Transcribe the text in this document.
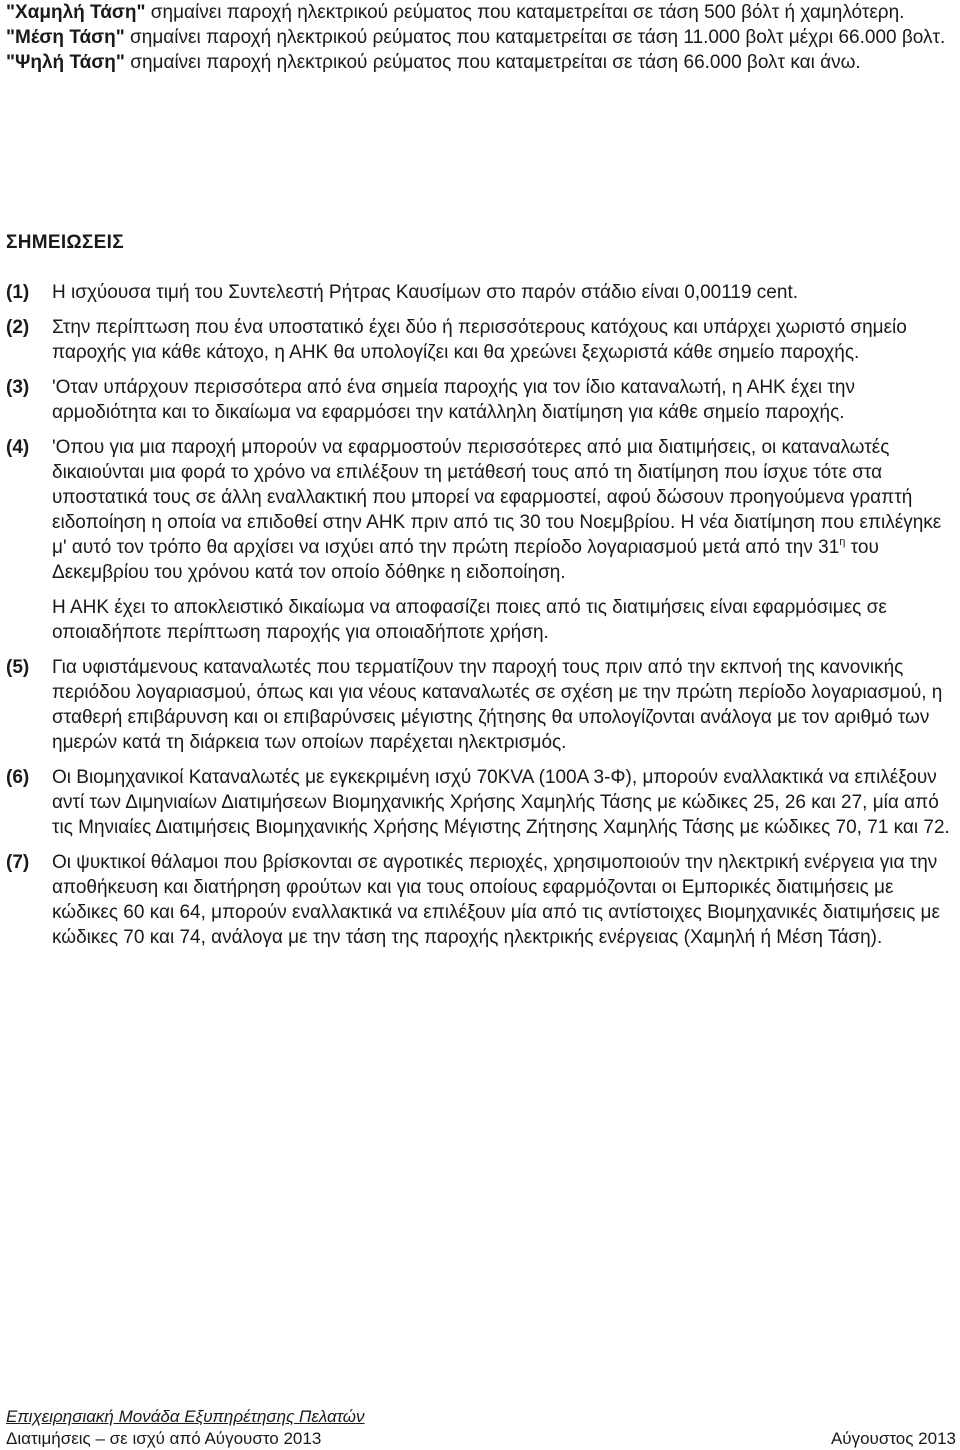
"Χαμηλή Τάση" σημαίνει παροχή ηλεκτρικού ρεύματος που καταμετρείται σε τάση 500 βόλτ ή χαμηλότερη.

"Μέση Τάση" σημαίνει παροχή ηλεκτρικού ρεύματος που καταμετρείται σε τάση 11.000 βολτ μέχρι 66.000 βολτ.

"Ψηλή Τάση" σημαίνει παροχή ηλεκτρικού ρεύματος που καταμετρείται σε τάση 66.000 βολτ και άνω.

ΣΗΜΕΙΩΣΕΙΣ
(1)	Η ισχύουσα τιμή του Συντελεστή Ρήτρας Καυσίμων στο παρόν στάδιο είναι 0,00119 cent.

(2)	Στην περίπτωση που ένα υποστατικό έχει δύο ή περισσότερους κατόχους και υπάρχει χωριστό σημείο παροχής για κάθε κάτοχο, η ΑΗΚ θα υπολογίζει και θα χρεώνει ξεχωριστά κάθε σημείο παροχής.

(3)	'Οταν υπάρχουν περισσότερα από ένα σημεία παροχής για τον ίδιο καταναλωτή, η ΑΗΚ έχει την αρμοδιότητα και το δικαίωμα να εφαρμόσει την κατάλληλη διατίμηση για κάθε σημείο παροχής.

(4)	'Οπου για μια παροχή μπορούν να εφαρμοστούν περισσότερες από μια διατιμήσεις, οι καταναλωτές δικαιούνται μια φορά το χρόνο να επιλέξουν τη μετάθεσή τους από τη διατίμηση που ίσχυε τότε στα υποστατικά τους σε άλλη εναλλακτική που μπορεί να εφαρμοστεί, αφού δώσουν προηγούμενα γραπτή ειδοποίηση η οποία να επιδοθεί στην ΑΗΚ πριν από τις 30 του Νοεμβρίου. Η νέα διατίμηση που επιλέγηκε μ' αυτό τον τρόπο θα αρχίσει να ισχύει από την πρώτη περίοδο λογαριασμού μετά από την $31^\eta$ του Δεκεμβρίου του χρόνου κατά τον οποίο δόθηκε η ειδοποίηση.

Η ΑΗΚ έχει το αποκλειστικό δικαίωμα να αποφασίζει ποιες από τις διατιμήσεις είναι εφαρμόσιμες σε οποιαδήποτε περίπτωση παροχής για οποιαδήποτε χρήση.

(5)	Για υφιστάμενους καταναλωτές που τερματίζουν την παροχή τους πριν από την εκπνοή της κανονικής περιόδου λογαριασμού, όπως και για νέους καταναλωτές σε σχέση με την πρώτη περίοδο λογαριασμού, η σταθερή επιβάρυνση και οι επιβαρύνσεις μέγιστης ζήτησης θα υπολογίζονται ανάλογα με τον αριθμό των ημερών κατά τη διάρκεια των οποίων παρέχεται ηλεκτρισμός.

(6)	Οι Βιομηχανικοί Καταναλωτές με εγκεκριμένη ισχύ 70KVA (100A 3-Φ), μπορούν εναλλακτικά να επιλέξουν αντί των Διμηνιαίων Διατιμήσεων Βιομηχανικής Χρήσης Χαμηλής Τάσης με κώδικες 25, 26 και 27, μία από τις Μηνιαίες Διατιμήσεις Βιομηχανικής Χρήσης Μέγιστης Ζήτησης Χαμηλής Τάσης με κώδικες 70, 71 και 72.

(7)	Οι ψυκτικοί θάλαμοι που βρίσκονται σε αγροτικές περιοχές, χρησιμοποιούν την ηλεκτρική ενέργεια για την αποθήκευση και διατήρηση φρούτων και για τους οποίους εφαρμόζονται οι Εμπορικές διατιμήσεις με κώδικες 60 και 64, μπορούν εναλλακτικά να επιλέξουν μία από τις αντίστοιχες Βιομηχανικές διατιμήσεις με κώδικες 70 και 74, ανάλογα με την τάση της παροχής ηλεκτρικής ενέργειας (Χαμηλή ή Μέση Τάση).

Επιχειρησιακή Μονάδα Εξυπηρέτησης Πελατών
Διατιμήσεις – σε ισχύ από Αύγουστο 2013	Αύγουστος 2013
